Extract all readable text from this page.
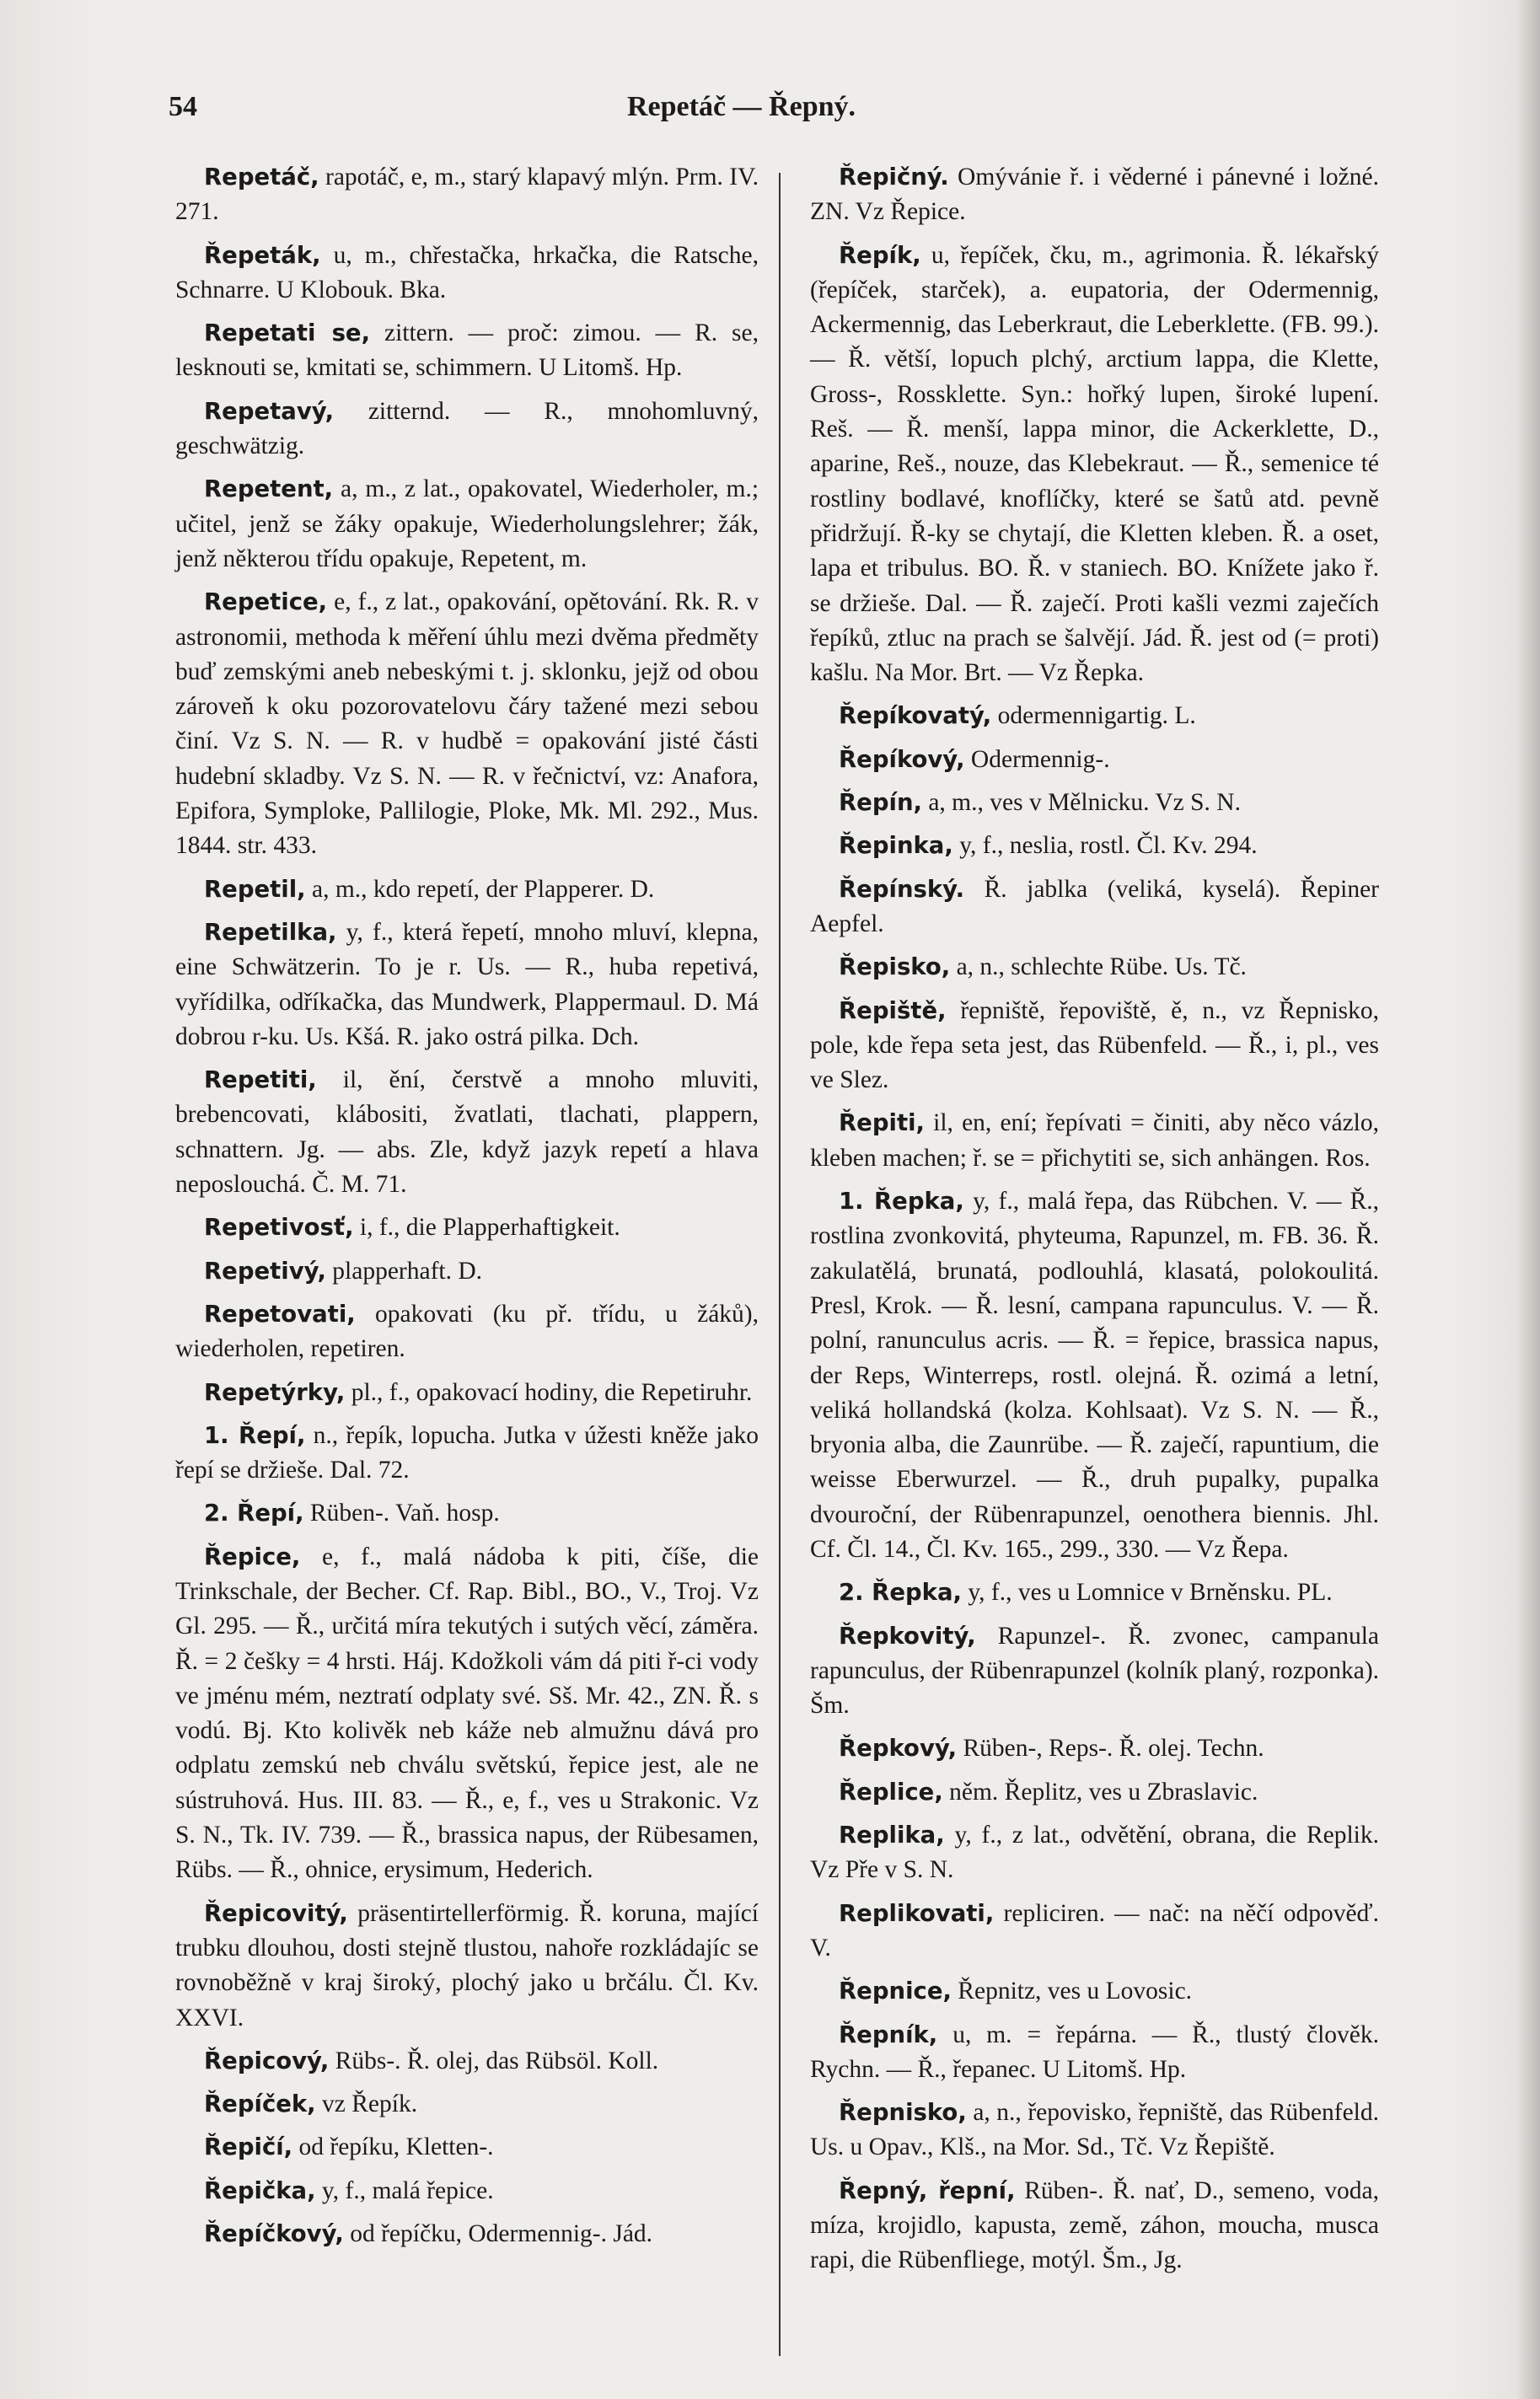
54	Repetáč — Řepný.

Repetáč, rapotáč, e, m., starý klapavý mlýn. Prm. IV. 271.

Řepeták, u, m., chřestačka, hrkačka, die Ratsche, Schnarre. U Klobouk. Bka.

Repetati se, zittern. — proč: zimou. — R. se, lesknouti se, kmitati se, schimmern. U Litomš. Hp.

Repetavý, zitternd. — R., mnohomluvný, geschwätzig.

Repetent, a, m., z lat., opakovatel, Wiederholer, m.; učitel, jenž se žáky opakuje, Wiederholungslehrer; žák, jenž některou třídu opakuje, Repetent, m.

Repetice, e, f., z lat., opakování, opětování. Rk. R. v astronomii, methoda k měření úhlu mezi dvěma předměty buď zemskými aneb nebeskými t. j. sklonku, jejž od obou zároveň k oku pozorovatelovu čáry tažené mezi sebou činí. Vz S. N. — R. v hudbě = opakování jisté části hudební skladby. Vz S. N. — R. v řečnictví, vz: Anafora, Epifora, Symploke, Pallilogie, Ploke, Mk. Ml. 292., Mus. 1844. str. 433.

Repetil, a, m., kdo repetí, der Plapperer. D.

Repetilka, y, f., která řepetí, mnoho mluví, klepna, eine Schwätzerin. To je r. Us. — R., huba repetivá, vyřídilka, odříkačka, das Mundwerk, Plappermaul. D. Má dobrou r-ku. Us. Kšá. R. jako ostrá pilka. Dch.

Repetiti, il, ění, čerstvě a mnoho mluviti, brebencovati, klábositi, žvatlati, tlachati, plappern, schnattern. Jg. — abs. Zle, když jazyk repetí a hlava neposlouchá. Č. M. 71.

Repetivosť, i, f., die Plapperhaftigkeit.

Repetivý, plapperhaft. D.

Repetovati, opakovati (ku př. třídu, u žáků), wiederholen, repetiren.

Repetýrky, pl., f., opakovací hodiny, die Repetiruhr.

1. Řepí, n., řepík, lopucha. Jutka v úžesti kněže jako řepí se držieše. Dal. 72.

2. Řepí, Rüben-. Vaň. hosp.

Řepice, e, f., malá nádoba k piti, číše, die Trinkschale, der Becher. Cf. Rap. Bibl., BO., V., Troj. Vz Gl. 295. — Ř., určitá míra tekutých i sutých věcí, záměra. Ř. = 2 češky = 4 hrsti. Háj. Kdožkoli vám dá piti ř-ci vody ve jménu mém, neztratí odplaty své. Sš. Mr. 42., ZN. Ř. s vodú. Bj. Kto kolivěk neb káže neb almužnu dává pro odplatu zemskú neb chválu světskú, řepice jest, ale ne sústruhová. Hus. III. 83. — Ř., e, f., ves u Strakonic. Vz S. N., Tk. IV. 739. — Ř., brassica napus, der Rübesamen, Rübs. — Ř., ohnice, erysimum, Hederich.

Řepicovitý, präsentirtellerförmig. Ř. koruna, mající trubku dlouhou, dosti stejně tlustou, nahoře rozkládajíc se rovnoběžně v kraj široký, plochý jako u brčálu. Čl. Kv. XXVI.

Řepicový, Rübs-. Ř. olej, das Rübsöl. Koll.

Řepíček, vz Řepík.

Řepičí, od řepíku, Kletten-.

Řepička, y, f., malá řepice.

Řepíčkový, od řepíčku, Odermennig-. Jád.

Řepičný. Omývánie ř. i věderné i pánevné i ložné. ZN. Vz Řepice.

Řepík, u, řepíček, čku, m., agrimonia. Ř. lékařský (řepíček, starček), a. eupatoria, der Odermennig, Ackermennig, das Leberkraut, die Leberklette. (FB. 99.). — Ř. větší, lopuch plchý, arctium lappa, die Klette, Gross-, Rossklette. Syn.: hořký lupen, široké lupení. Reš. — Ř. menší, lappa minor, die Ackerklette, D., aparine, Reš., nouze, das Klebekraut. — Ř., semenice té rostliny bodlavé, knoflíčky, které se šatů atd. pevně přidržují. Ř-ky se chytají, die Kletten kleben. Ř. a oset, lapa et tribulus. BO. Ř. v staniech. BO. Knížete jako ř. se držieše. Dal. — Ř. zaječí. Proti kašli vezmi zaječích řepíků, ztluc na prach se šalvějí. Jád. Ř. jest od (= proti) kašlu. Na Mor. Brt. — Vz Řepka.

Řepíkovatý, odermennigartig. L.

Řepíkový, Odermennig-.

Řepín, a, m., ves v Mělnicku. Vz S. N.

Řepinka, y, f., neslia, rostl. Čl. Kv. 294.

Řepínský. Ř. jablka (veliká, kyselá). Řepiner Aepfel.

Řepisko, a, n., schlechte Rübe. Us. Tč.

Řepiště, řepniště, řepoviště, ě, n., vz Řepnisko, pole, kde řepa seta jest, das Rübenfeld. — Ř., i, pl., ves ve Slez.

Řepiti, il, en, ení; řepívati = činiti, aby něco vázlo, kleben machen; ř. se = přichytiti se, sich anhängen. Ros.

1. Řepka, y, f., malá řepa, das Rübchen. V. — Ř., rostlina zvonkovitá, phyteuma, Rapunzel, m. FB. 36. Ř. zakulatělá, brunatá, podlouhlá, klasatá, polokoulitá. Presl, Krok. — Ř. lesní, campana rapunculus. V. — Ř. polní, ranunculus acris. — Ř. = řepice, brassica napus, der Reps, Winterreps, rostl. olejná. Ř. ozimá a letní, veliká hollandská (kolza. Kohlsaat). Vz S. N. — Ř., bryonia alba, die Zaunrübe. — Ř. zaječí, rapuntium, die weisse Eberwurzel. — Ř., druh pupalky, pupalka dvouroční, der Rübenrapunzel, oenothera biennis. Jhl. Cf. Čl. 14., Čl. Kv. 165., 299., 330. — Vz Řepa.

2. Řepka, y, f., ves u Lomnice v Brněnsku. PL.

Řepkovitý, Rapunzel-. Ř. zvonec, campanula rapunculus, der Rübenrapunzel (kolník planý, rozponka). Šm.

Řepkový, Rüben-, Reps-. Ř. olej. Techn.

Řeplice, něm. Řeplitz, ves u Zbraslavic.

Replika, y, f., z lat., odvětění, obrana, die Replik. Vz Pře v S. N.

Replikovati, repliciren. — nač: na něčí odpověď. V.

Řepnice, Řepnitz, ves u Lovosic.

Řepník, u, m. = řepárna. — Ř., tlustý člověk. Rychn. — Ř., řepanec. U Litomš. Hp.

Řepnisko, a, n., řepovisko, řepniště, das Rübenfeld. Us. u Opav., Klš., na Mor. Sd., Tč. Vz Řepiště.

Řepný, řepní, Rüben-. Ř. nať, D., semeno, voda, míza, krojidlo, kapusta, země, záhon, moucha, musca rapi, die Rübenfliege, motýl. Šm., Jg.
